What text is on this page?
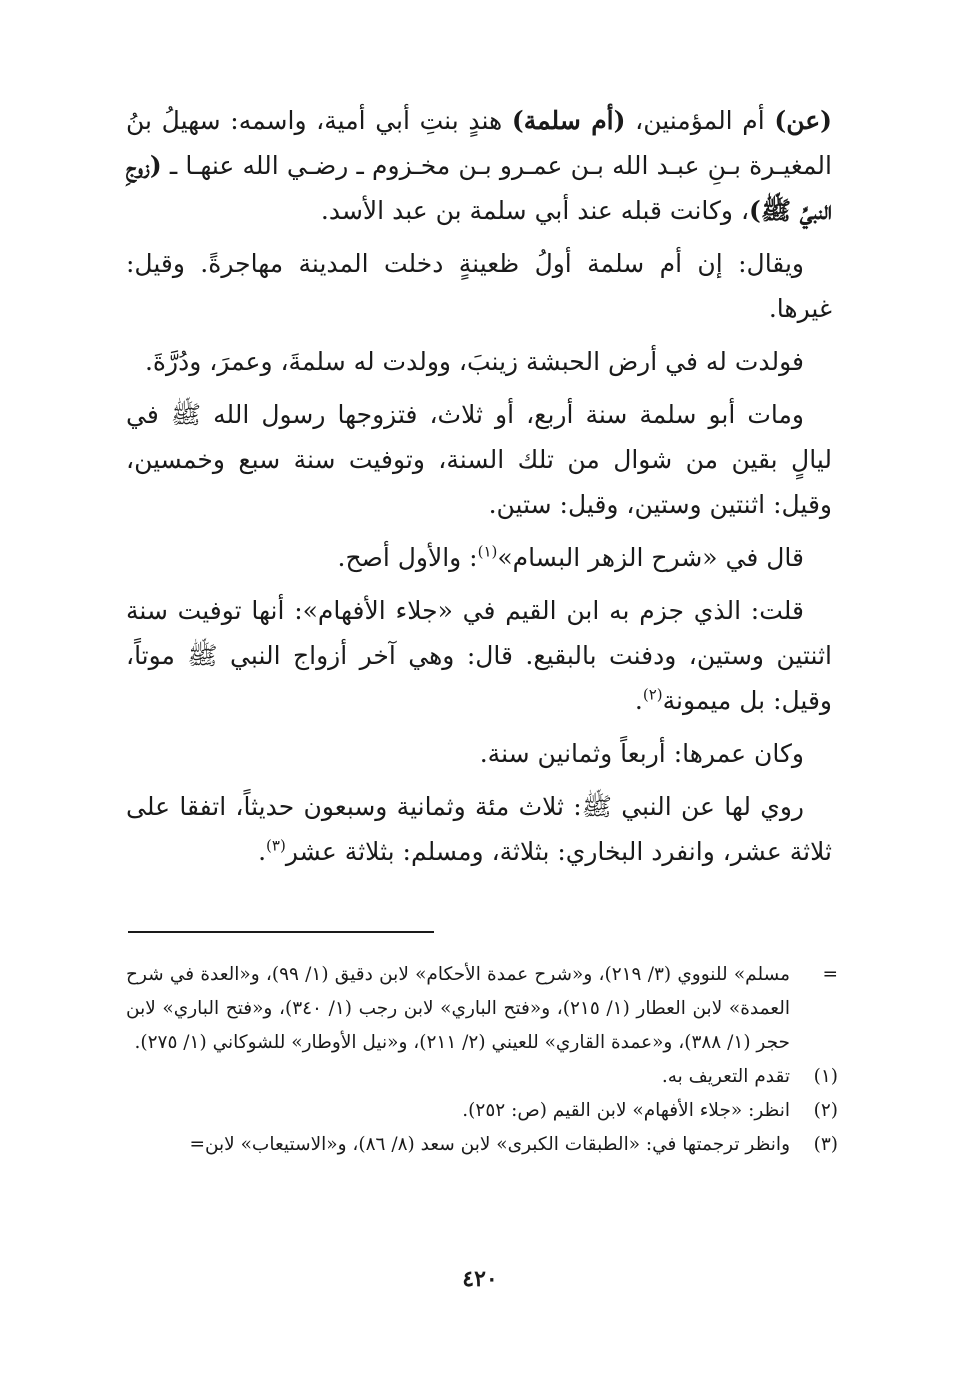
(عن) أم المؤمنين، (أم سلمة) هندٍ بنتِ أبي أمية، واسمه: سهيلُ بنُ المغيـرة بـنِ عبـد الله بـن عمـرو بـن مخـزوم ـ رضـي الله عنهـا ـ (زوجِ النبيِّ ﷺ)، وكانت قبله عند أبي سلمة بن عبد الأسد.

ويقال: إن أم سلمة أولُ ظعينةٍ دخلت المدينة مهاجرةً. وقيل: غيرها.

فولدت له في أرض الحبشة زينبَ، وولدت له سلمةَ، وعمرَ، ودُرَّةَ.

ومات أبو سلمة سنة أربع، أو ثلاث، فتزوجها رسول الله ﷺ في ليالٍ بقين من شوال من تلك السنة، وتوفيت سنة سبع وخمسين، وقيل: اثنتين وستين، وقيل: ستين.

قال في «شرح الزهر البسام»$^{(١)}$: والأول أصح.

قلت: الذي جزم به ابن القيم في «جلاء الأفهام»: أنها توفيت سنة اثنتين وستين، ودفنت بالبقيع. قال: وهي آخر أزواج النبي ﷺ موتاً، وقيل: بل ميمونة$^{(٢)}$.

وكان عمرها: أربعاً وثمانين سنة.

روي لها عن النبي ﷺ: ثلاث مئة وثمانية وسبعون حديثاً، اتفقا على ثلاثة عشر، وانفرد البخاري: بثلاثة، ومسلم: بثلاثة عشر$^{(٣)}$.

=
مسلم» للنووي (٣/ ٢١٩)، و«شرح عمدة الأحكام» لابن دقيق (١/ ٩٩)، و«العدة في شرح العمدة» لابن العطار (١/ ٢١٥)، و«فتح الباري» لابن رجب (١/ ٣٤٠)، و«فتح الباري» لابن حجر (١/ ٣٨٨)، و«عمدة القاري» للعيني (٢/ ٢١١)، و«نيل الأوطار» للشوكاني (١/ ٢٧٥).
(١)
تقدم التعريف به.
(٢)
انظر: «جلاء الأفهام» لابن القيم (ص: ٢٥٢).
(٣)
وانظر ترجمتها في: «الطبقات الكبرى» لابن سعد (٨/ ٨٦)، و«الاستيعاب» لابن=
٤٢٠
